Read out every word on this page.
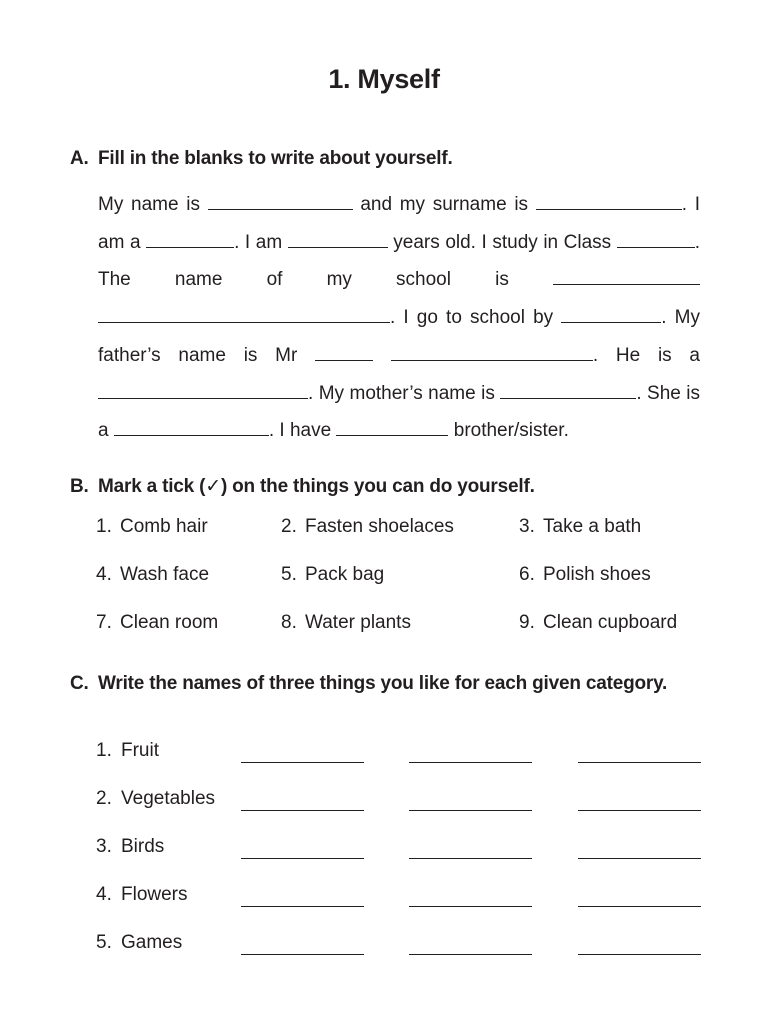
1. Myself
A. Fill in the blanks to write about yourself.
My name is	and my surname is	. I am a	. I am	years old. I study in Class	. The name of my school is  . I go to school by	. My father’s name is Mr	. He is a . My mother’s name is	. She is a	. I have	brother/sister.
B. Mark a tick (✓) on the things you can do yourself.
1. Comb hair	2. Fasten shoelaces	3. Take a bath
4. Wash face	5. Pack bag	6. Polish shoes
7. Clean room	8. Water plants	9. Clean cupboard
C. Write the names of three things you like for each given category.
1. Fruit
2. Vegetables
3. Birds
4. Flowers
5. Games
